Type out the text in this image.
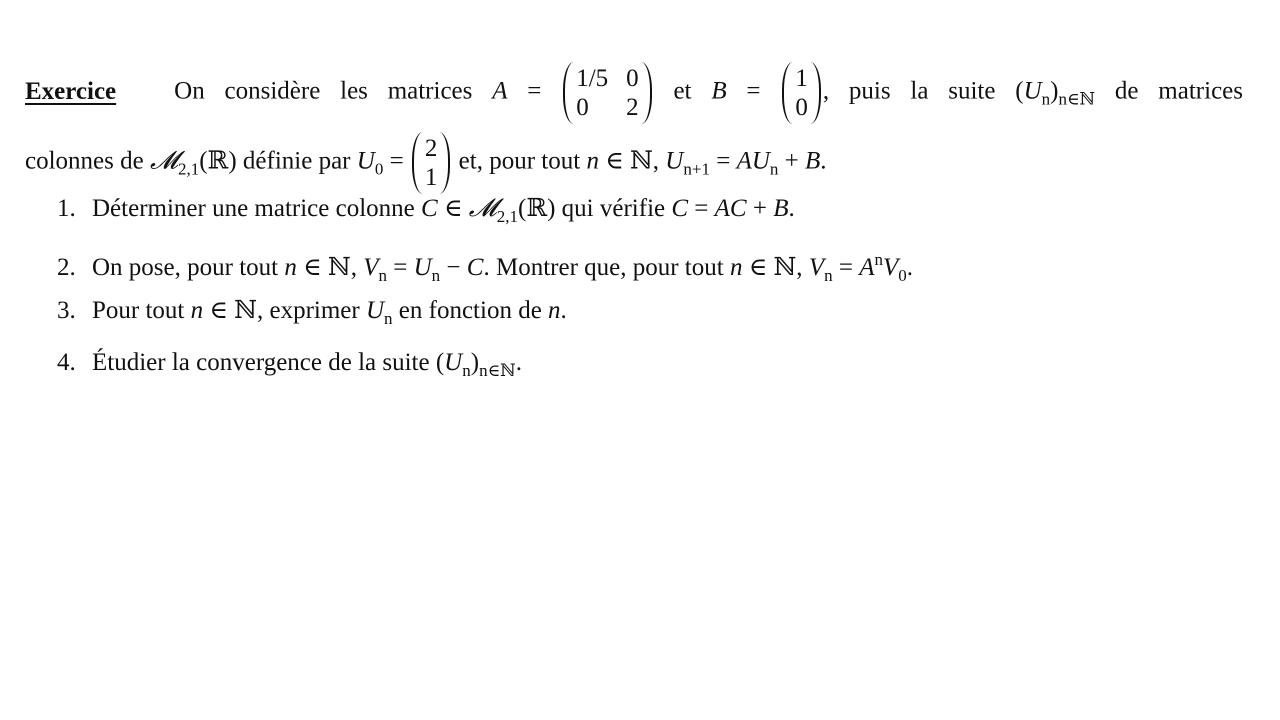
Exercice On considère les matrices A = 1/5 0
0	2
et B = 1
0
, puis la suite $(U_n)_{n\in ℕ}$ de matrices
colonnes de 𝓜$_{2,1}$(ℝ) définie par $U_0 = 2$
1
et, pour tout n ∈ ℕ, $U_{n+1} = AU_n + B$.
1. Déterminer une matrice colonne C ∈ 𝓜$_{2,1}$(ℝ) qui vérifie C = AC + B.
2. On pose, pour tout n ∈ ℕ, $V_n = U_n - C$. Montrer que, pour tout n ∈ ℕ, $V_n = A^nV_0$.
3. Pour tout n ∈ ℕ, exprimer $U_n$ en fonction de n.
4. Étudier la convergence de la suite $(U_n)_{n\in ℕ}$.
